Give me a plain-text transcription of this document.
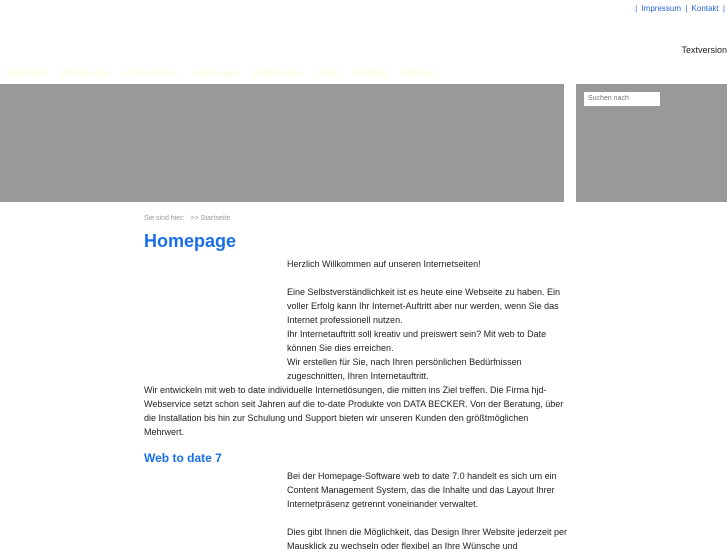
| Impressum | Kontakt |
Textversion
Startseite Webdesign e-Commerce Leistungen Referenzen Links Kontakt Sitemap
Suchen nach
Sie sind hier: >> Startseite
Homepage
Herzlich Willkommen auf unseren Internetseiten!
Eine Selbstverständlichkeit ist es heute eine Webseite zu haben. Ein voller Erfolg kann Ihr Internet-Auftritt aber nur werden, wenn Sie das Internet professionell nutzen.
Ihr Internetauftritt soll kreativ und preiswert sein? Mit web to Date können Sie dies erreichen.
Wir erstellen für Sie, nach Ihren persönlichen Bedürfnissen zugeschnitten, Ihren Internetauftritt.
Wir entwickeln mit web to date individuelle Internetlösungen, die mitten ins Ziel treffen. Die Firma hjd-Webservice setzt schon seit Jahren auf die to-date Produkte von DATA BECKER. Von der Beratung, über die Installation bis hin zur Schulung und Support bieten wir unseren Kunden den größtmöglichen Mehrwert.
Web to date 7
Bei der Homepage-Software web to date 7.0 handelt es sich um ein Content Management System, das die Inhalte und das Layout Ihrer Internetpräsenz getrennt voneinander verwaltet.
Dies gibt Ihnen die Möglichkeit, das Design Ihrer Website jederzeit per Mausklick zu wechseln oder flexibel an Ihre Wünsche und
